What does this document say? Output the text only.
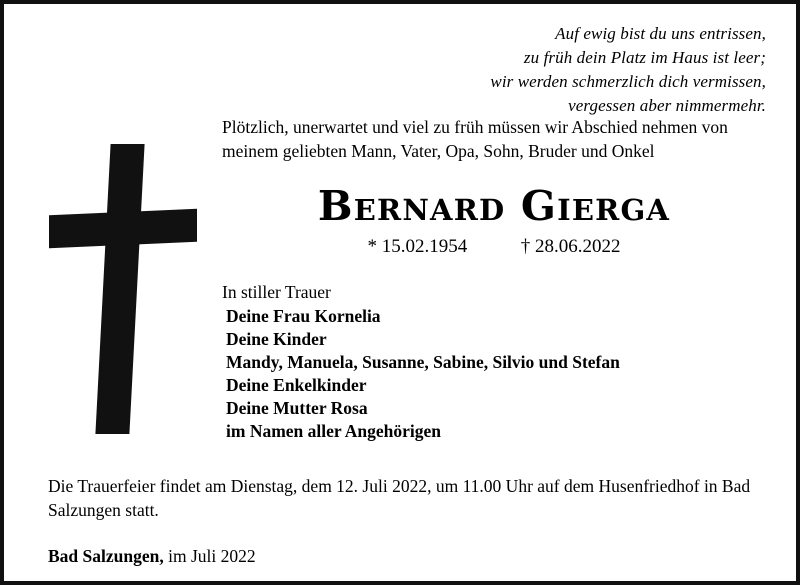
Auf ewig bist du uns entrissen,
zu früh dein Platz im Haus ist leer;
wir werden schmerzlich dich vermissen,
vergessen aber nimmermehr.

Plötzlich, unerwartet und viel zu früh müssen wir Abschied nehmen von meinem geliebten Mann, Vater, Opa, Sohn, Bruder und Onkel

Bernard Gierga
* 15.02.1954	† 28.06.2022
In stiller Trauer
Deine Frau Kornelia
Deine Kinder
Mandy, Manuela, Susanne, Sabine, Silvio und Stefan
Deine Enkelkinder
Deine Mutter Rosa
im Namen aller Angehörigen

Die Trauerfeier findet am Dienstag, dem 12. Juli 2022, um 11.00 Uhr auf dem Husenfriedhof in Bad Salzungen statt.

Bad Salzungen, im Juli 2022
